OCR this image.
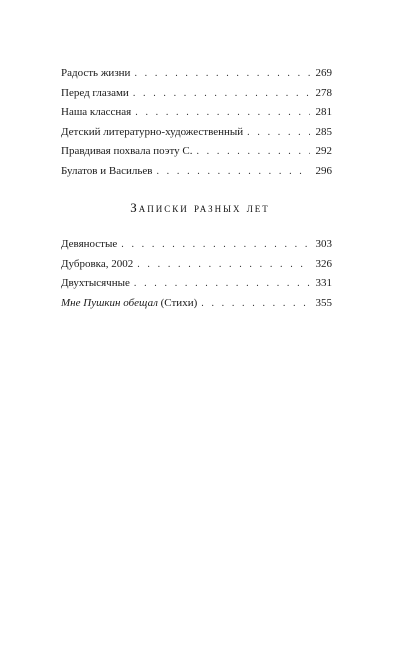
Радость жизни . . .	269
Перед глазами . . .	278
Наша классная . . .	281
Детский литературно-художественный . . .	285
Правдивая похвала поэту С. . . .	292
Булатов и Васильев . . .	296
Записки разных лет
Девяностые . . .	303
Дубровка, 2002 . . .	326
Двухтысячные . . .	331
Мне Пушкин обещал (Стихи) . . .	355
